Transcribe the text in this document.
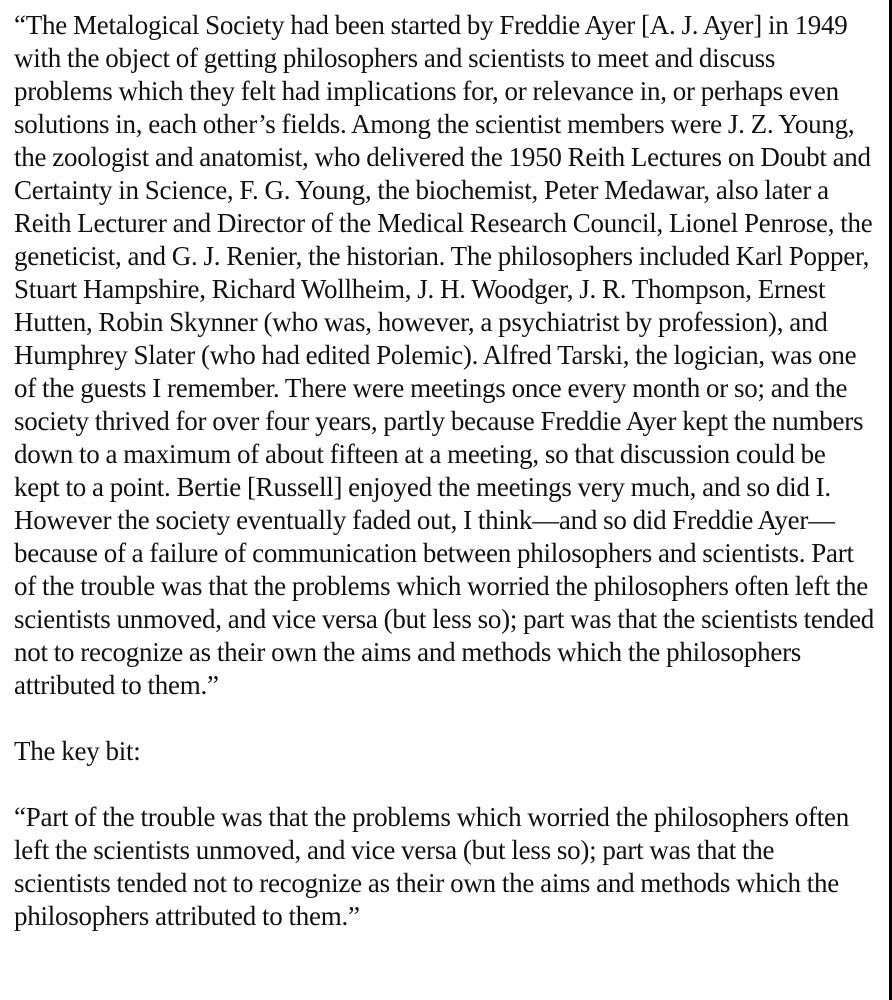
“The Metalogical Society had been started by Freddie Ayer [A. J. Ayer] in 1949 with the object of getting philosophers and scientists to meet and discuss problems which they felt had implications for, or relevance in, or perhaps even solutions in, each other’s fields. Among the scientist members were J. Z. Young, the zoologist and anatomist, who delivered the 1950 Reith Lectures on Doubt and Certainty in Science, F. G. Young, the biochemist, Peter Medawar, also later a Reith Lecturer and Director of the Medical Research Council, Lionel Penrose, the geneticist, and G. J. Renier, the historian. The philosophers included Karl Popper, Stuart Hampshire, Richard Wollheim, J. H. Woodger, J. R. Thompson, Ernest Hutten, Robin Skynner (who was, however, a psychiatrist by profession), and Humphrey Slater (who had edited Polemic). Alfred Tarski, the logician, was one of the guests I remember. There were meetings once every month or so; and the society thrived for over four years, partly because Freddie Ayer kept the numbers down to a maximum of about fifteen at a meeting, so that discussion could be kept to a point. Bertie [Russell] enjoyed the meetings very much, and so did I. However the society eventually faded out, I think—and so did Freddie Ayer—because of a failure of communication between philosophers and scientists. Part of the trouble was that the problems which worried the philosophers often left the scientists unmoved, and vice versa (but less so); part was that the scientists tended not to recognize as their own the aims and methods which the philosophers attributed to them.”

The key bit:

“Part of the trouble was that the problems which worried the philosophers often left the scientists unmoved, and vice versa (but less so); part was that the scientists tended not to recognize as their own the aims and methods which the philosophers attributed to them.”
